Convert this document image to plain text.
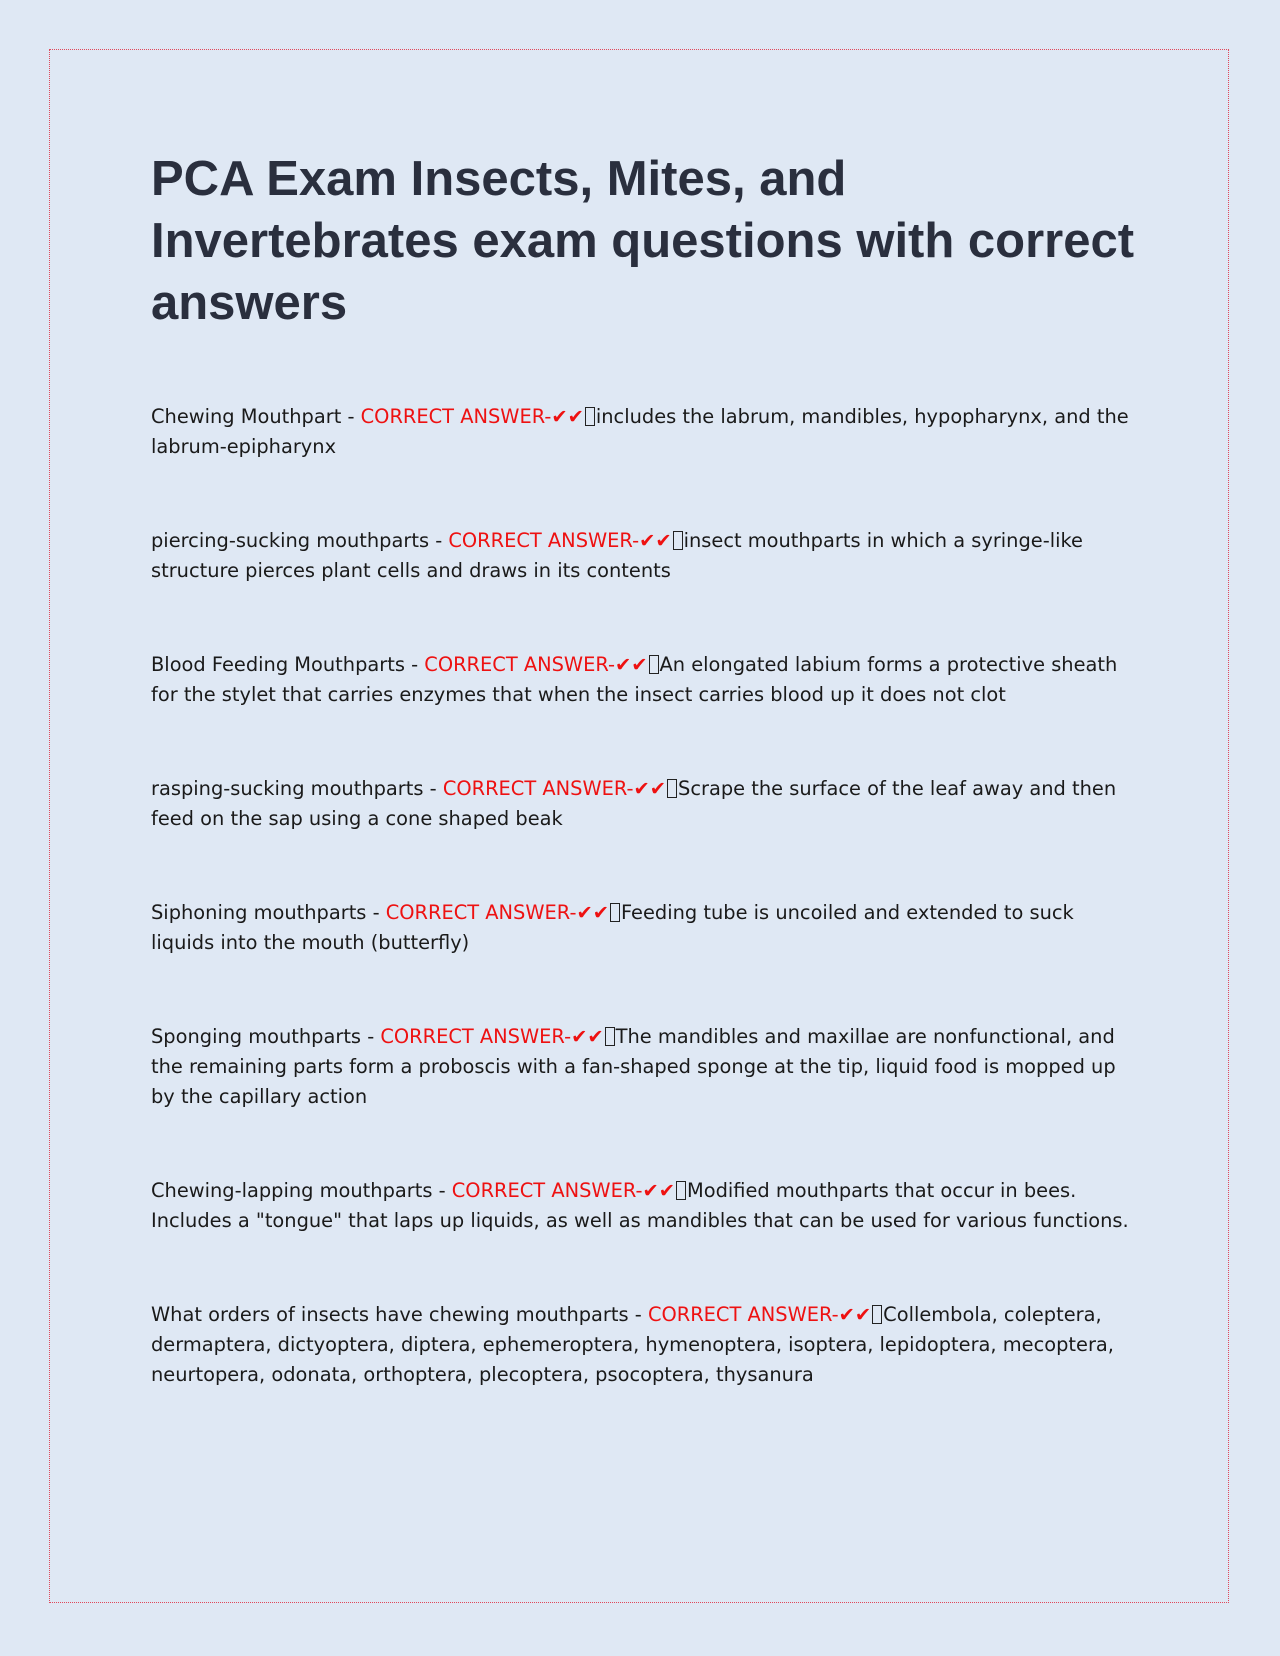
PCA Exam Insects, Mites, and Invertebrates exam questions with correct answers

Chewing Mouthpart - CORRECT ANSWER-✔✔ includes the labrum, mandibles, hypopharynx, and the labrum-epipharynx

piercing-sucking mouthparts - CORRECT ANSWER-✔✔ insect mouthparts in which a syringe-like structure pierces plant cells and draws in its contents

Blood Feeding Mouthparts - CORRECT ANSWER-✔✔ An elongated labium forms a protective sheath for the stylet that carries enzymes that when the insect carries blood up it does not clot

rasping-sucking mouthparts - CORRECT ANSWER-✔✔ Scrape the surface of the leaf away and then feed on the sap using a cone shaped beak

Siphoning mouthparts - CORRECT ANSWER-✔✔ Feeding tube is uncoiled and extended to suck liquids into the mouth (butterfly)

Sponging mouthparts - CORRECT ANSWER-✔✔ The mandibles and maxillae are nonfunctional, and the remaining parts form a proboscis with a fan-shaped sponge at the tip, liquid food is mopped up by the capillary action

Chewing-lapping mouthparts - CORRECT ANSWER-✔✔ Modified mouthparts that occur in bees. Includes a "tongue" that laps up liquids, as well as mandibles that can be used for various functions.

What orders of insects have chewing mouthparts - CORRECT ANSWER-✔✔ Collembola, coleptera, dermaptera, dictyoptera, diptera, ephemeroptera, hymenoptera, isoptera, lepidoptera, mecoptera, neurtopera, odonata, orthoptera, plecoptera, psocoptera, thysanura
